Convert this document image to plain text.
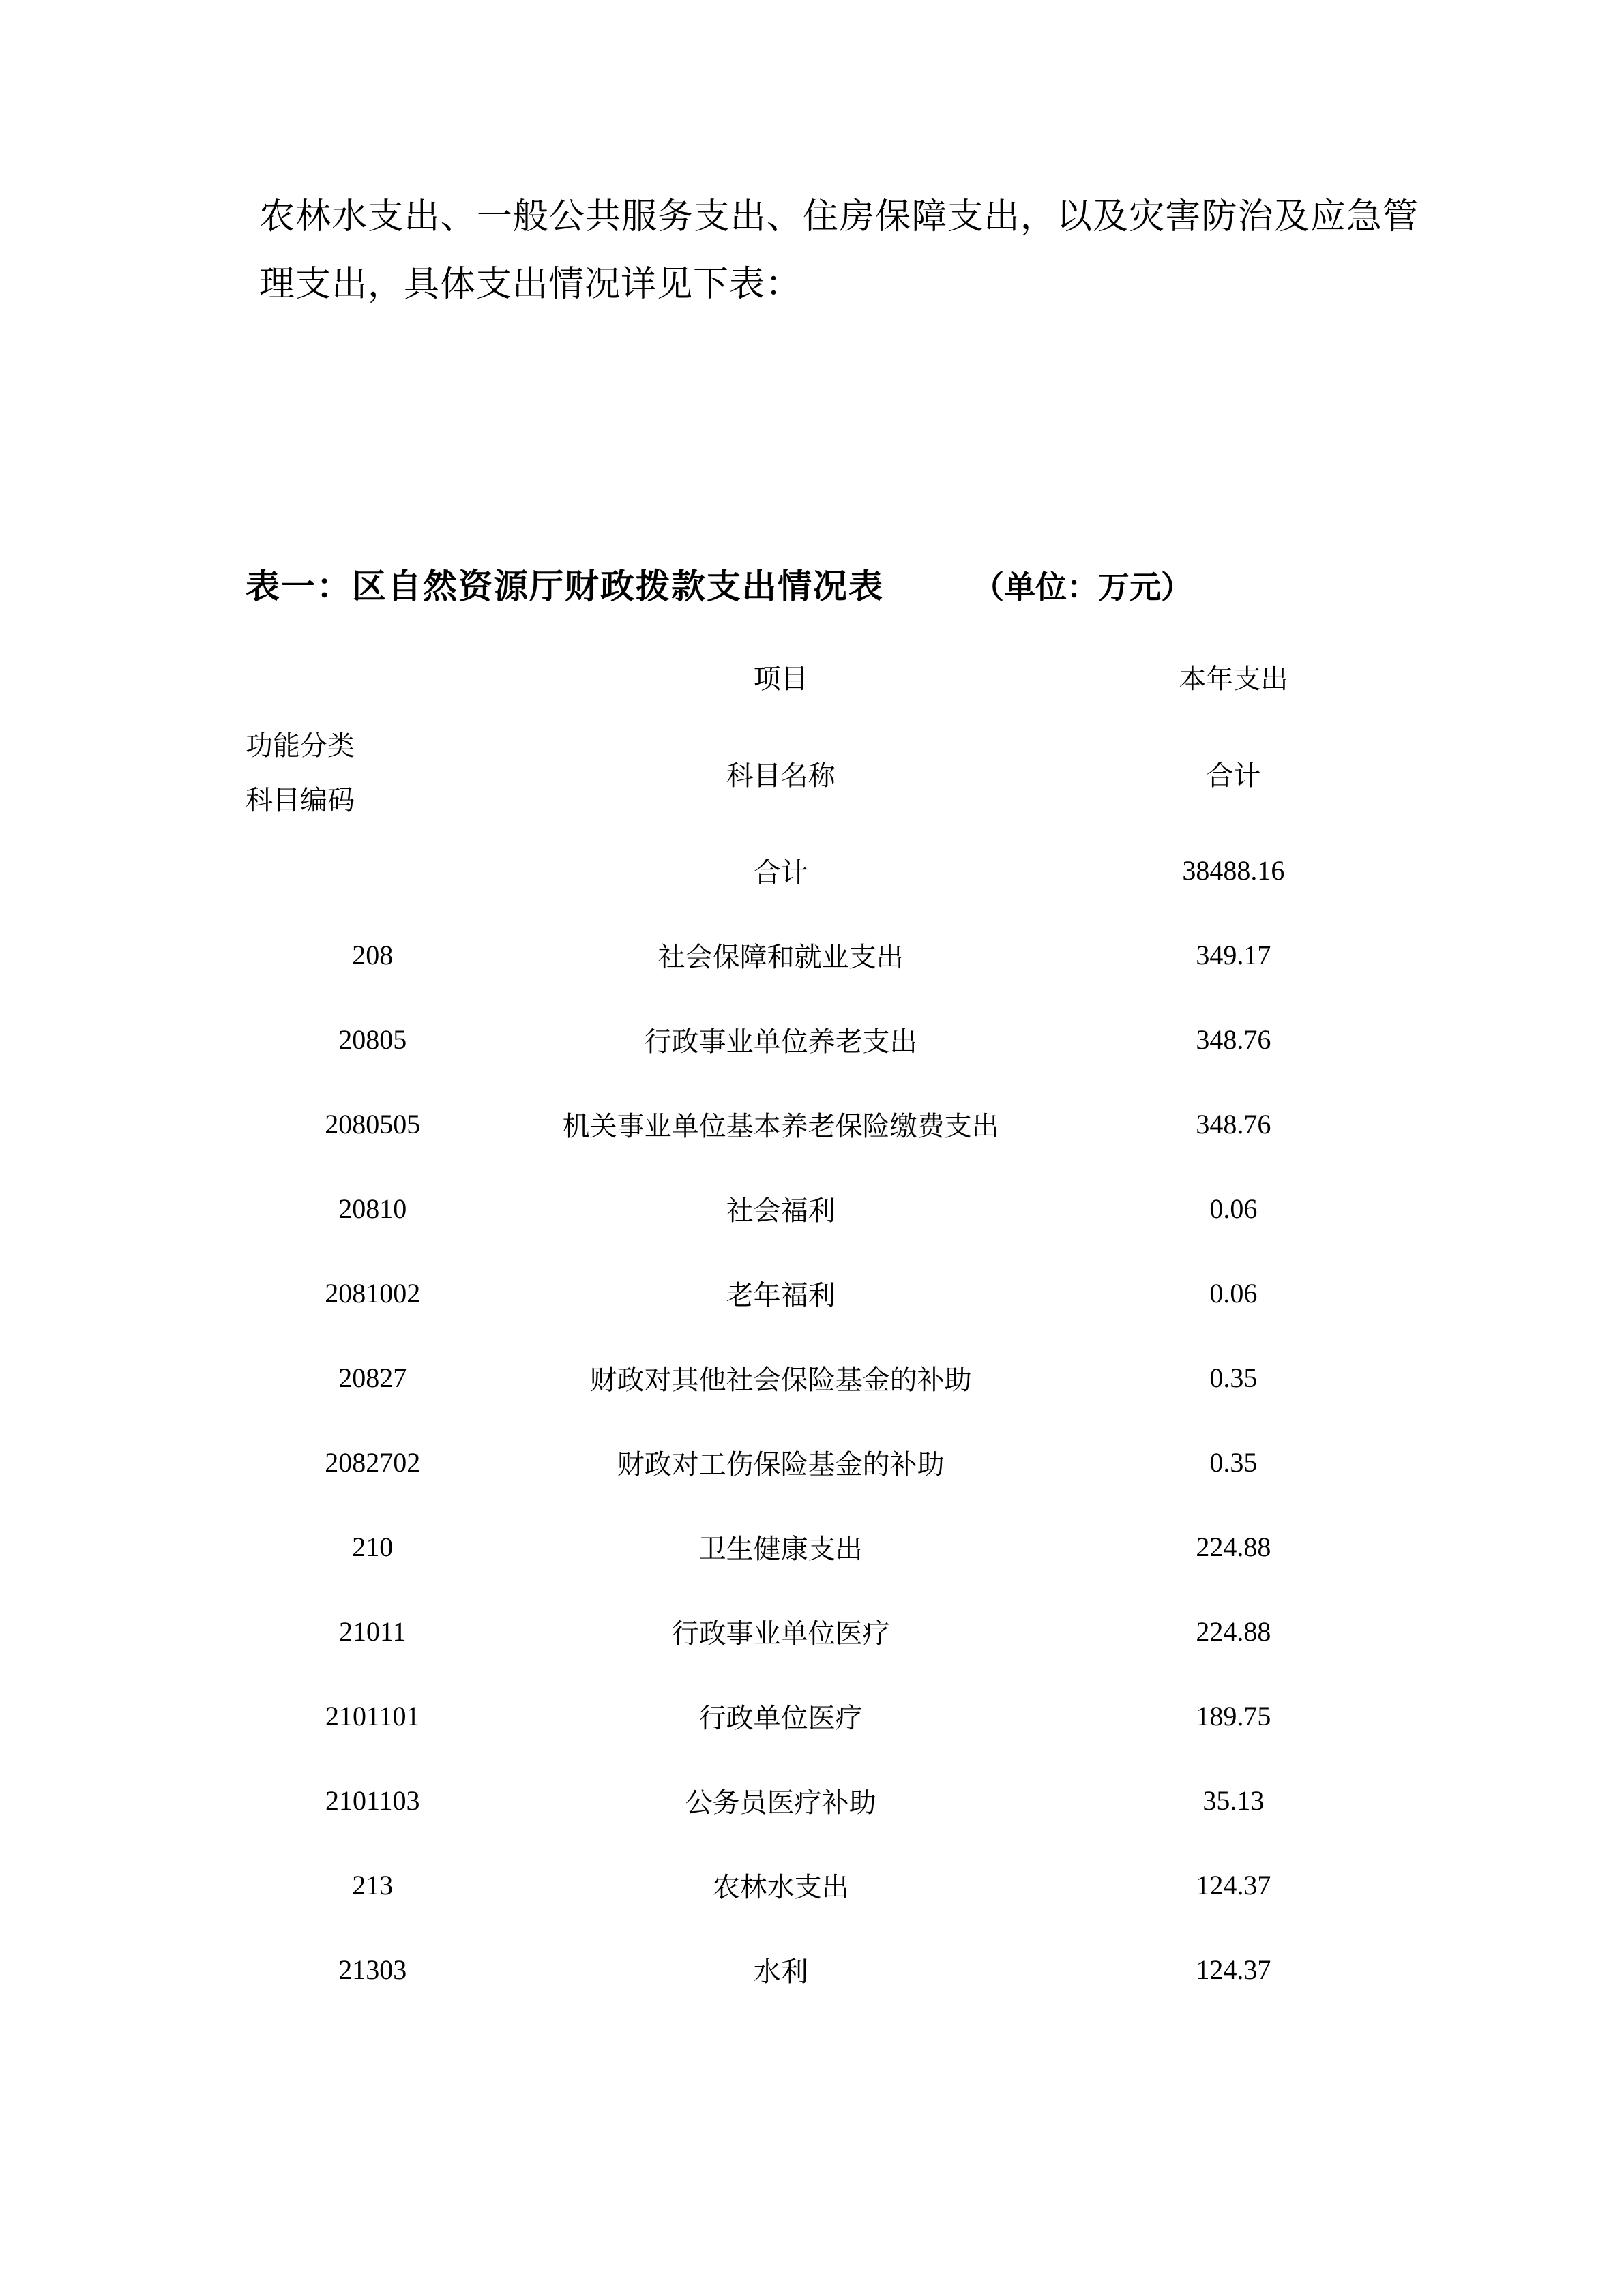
农林水支出、一般公共服务支出、住房保障支出，以及灾害防治及应急管理支出，具体支出情况详见下表：

表一：区自然资源厅财政拨款支出情况表	（单位：万元）
	项目	本年支出

功能分类
科目编码	科目名称	合计
	合计	38488.16
208	社会保障和就业支出	349.17
20805	行政事业单位养老支出	348.76
2080505	机关事业单位基本养老保险缴费支出	348.76
20810	社会福利	0.06
2081002	老年福利	0.06
20827	财政对其他社会保险基金的补助	0.35
2082702	财政对工伤保险基金的补助	0.35
210	卫生健康支出	224.88
21011	行政事业单位医疗	224.88
2101101	行政单位医疗	189.75
2101103	公务员医疗补助	35.13
213	农林水支出	124.37
21303	水利	124.37
